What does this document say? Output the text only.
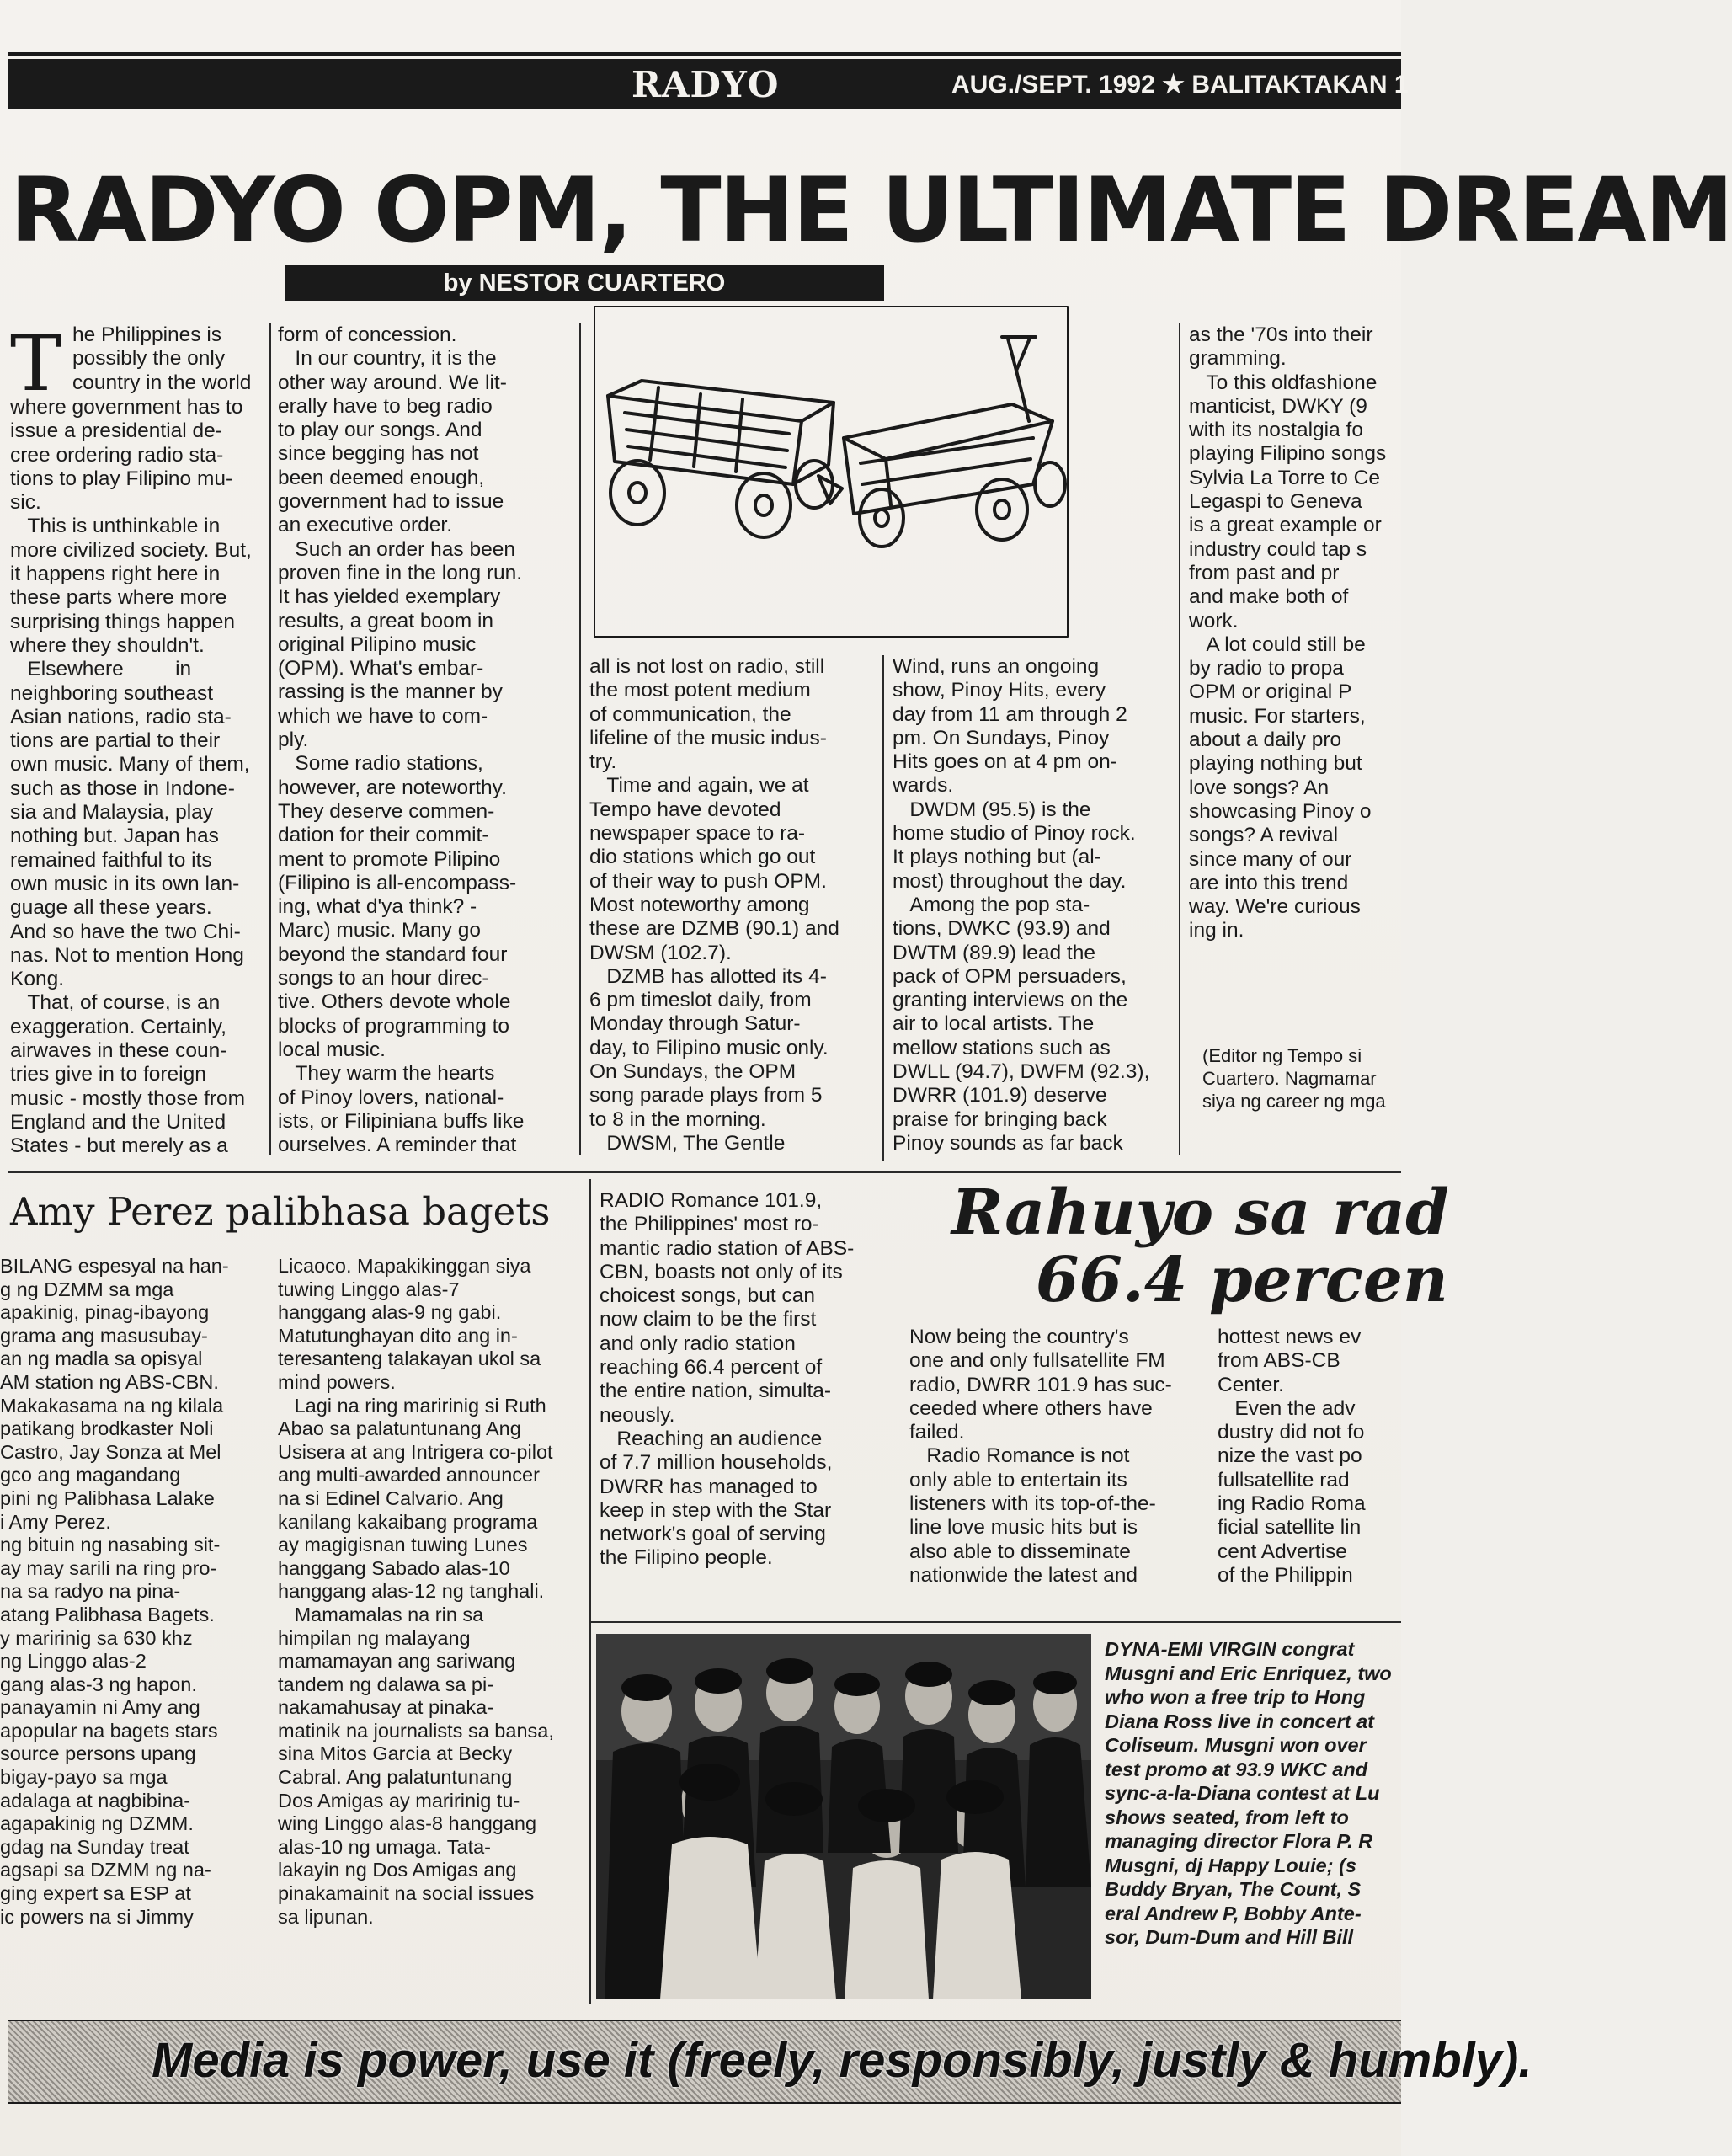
RADYO	AUG./SEPT. 1992 ★ BALITAKTAKAN 1
RADYO OPM, THE ULTIMATE DREAM
by NESTOR CUARTERO
T he Philippines is
possibly the only
country in the world
where government has to
issue a presidential de-
cree ordering radio sta-
tions to play Filipino mu-
sic.
This is unthinkable in
more civilized society. But,
it happens right here in
these parts where more
surprising things happen
where they shouldn't.
Elsewhere         in
neighboring southeast
Asian nations, radio sta-
tions are partial to their
own music. Many of them,
such as those in Indone-
sia and Malaysia, play
nothing but. Japan has
remained faithful to its
own music in its own lan-
guage all these years.
And so have the two Chi-
nas. Not to mention Hong
Kong.
That, of course, is an
exaggeration. Certainly,
airwaves in these coun-
tries give in to foreign
music - mostly those from
England and the United
States - but merely as a
form of concession.
In our country, it is the
other way around. We lit-
erally have to beg radio
to play our songs. And
since begging has not
been deemed enough,
government had to issue
an executive order.
Such an order has been
proven fine in the long run.
It has yielded exemplary
results, a great boom in
original Pilipino music
(OPM). What's embar-
rassing is the manner by
which we have to com-
ply.
Some radio stations,
however, are noteworthy.
They deserve commen-
dation for their commit-
ment to promote Pilipino
(Filipino is all-encompass-
ing, what d'ya think? -
Marc) music. Many go
beyond the standard four
songs to an hour direc-
tive. Others devote whole
blocks of programming to
local music.
They warm the hearts
of Pinoy lovers, national-
ists, or Filipiniana buffs like
ourselves. A reminder that
all is not lost on radio, still
the most potent medium
of communication, the
lifeline of the music indus-
try.
Time and again, we at
Tempo have devoted
newspaper space to ra-
dio stations which go out
of their way to push OPM.
Most noteworthy among
these are DZMB (90.1) and
DWSM (102.7).
DZMB has allotted its 4-
6 pm timeslot daily, from
Monday through Satur-
day, to Filipino music only.
On Sundays, the OPM
song parade plays from 5
to 8 in the morning.
DWSM, The Gentle
Wind, runs an ongoing
show, Pinoy Hits, every
day from 11 am through 2
pm. On Sundays, Pinoy
Hits goes on at 4 pm on-
wards.
DWDM (95.5) is the
home studio of Pinoy rock.
It plays nothing but (al-
most) throughout the day.
Among the pop sta-
tions, DWKC (93.9) and
DWTM (89.9) lead the
pack of OPM persuaders,
granting interviews on the
air to local artists. The
mellow stations such as
DWLL (94.7), DWFM (92.3),
DWRR (101.9) deserve
praise for bringing back
Pinoy sounds as far back
as the '70s into their
gramming.
To this oldfashione
manticist, DWKY (9
with its nostalgia fo
playing Filipino songs
Sylvia La Torre to Ce
Legaspi to Geneva
is a great example or
industry could tap s
from past and pr
and make both of
work.
A lot could still be
by radio to propa
OPM or original P
music. For starters,
about a daily pro
playing nothing but
love songs? An
showcasing Pinoy o
songs? A revival
since many of our
are into this trend
way. We're curious
ing in.
(Editor ng Tempo si
Cuartero. Nagmamar
siya ng career ng mga
Amy Perez palibhasa bagets
BILANG espesyal na han-
g ng DZMM sa mga
apakinig, pinag-ibayong
grama ang masusubay-
an ng madla sa opisyal
AM station ng ABS-CBN.
Makakasama na ng kilala
patikang brodkaster Noli
Castro, Jay Sonza at Mel
gco ang magandang
pini ng Palibhasa Lalake
i Amy Perez.
ng bituin ng nasabing sit-
ay may sarili na ring pro-
na sa radyo na pina-
atang Palibhasa Bagets.
y maririnig sa 630 khz
ng Linggo alas-2
gang alas-3 ng hapon.
panayamin ni Amy ang
apopular na bagets stars
source persons upang
bigay-payo sa mga
adalaga at nagbibina-
agapakinig ng DZMM.
gdag na Sunday treat
agsapi sa DZMM ng na-
ging expert sa ESP at
ic powers na si Jimmy
Licaoco. Mapakikinggan siya
tuwing Linggo alas-7
hanggang alas-9 ng gabi.
Matutunghayan dito ang in-
teresanteng talakayan ukol sa
mind powers.
Lagi na ring maririnig si Ruth
Abao sa palatuntunang Ang
Usisera at ang Intrigera co-pilot
ang multi-awarded announcer
na si Edinel Calvario. Ang
kanilang kakaibang programa
ay magigisnan tuwing Lunes
hanggang Sabado alas-10
hanggang alas-12 ng tanghali.
Mamamalas na rin sa
himpilan ng malayang
mamamayan ang sariwang
tandem ng dalawa sa pi-
nakamahusay at pinaka-
matinik na journalists sa bansa,
sina Mitos Garcia at Becky
Cabral. Ang palatuntunang
Dos Amigas ay maririnig tu-
wing Linggo alas-8 hanggang
alas-10 ng umaga. Tata-
lakayin ng Dos Amigas ang
pinakamainit na social issues
sa lipunan.
RADIO Romance 101.9,
the Philippines' most ro-
mantic radio station of ABS-
CBN, boasts not only of its
choicest songs, but can
now claim to be the first
and only radio station
reaching 66.4 percent of
the entire nation, simulta-
neously.
Reaching an audience
of 7.7 million households,
DWRR has managed to
keep in step with the Star
network's goal of serving
the Filipino people.
Rahuyo sa rad
66.4 percen
Now being the country's
one and only fullsatellite FM
radio, DWRR 101.9 has suc-
ceeded where others have
failed.
Radio Romance is not
only able to entertain its
listeners with its top-of-the-
line love music hits but is
also able to disseminate
nationwide the latest and
hottest news ev
from ABS-CB
Center.
Even the adv
dustry did not fo
nize the vast po
fullsatellite rad
ing Radio Roma
ficial satellite lin
cent Advertise
of the Philippin
DYNA-EMI VIRGIN congrat
Musgni and Eric Enriquez, two
who won a free trip to Hong
Diana Ross live in concert at
Coliseum. Musgni won over
test promo at 93.9 WKC and
sync-a-la-Diana contest at Lu
shows seated, from left to
managing director Flora P. R
Musgni, dj Happy Louie; (s
Buddy Bryan, The Count, S
eral Andrew P, Bobby Ante-
sor, Dum-Dum and Hill Bill
Media is power, use it (freely, responsibly, justly & humbly).
